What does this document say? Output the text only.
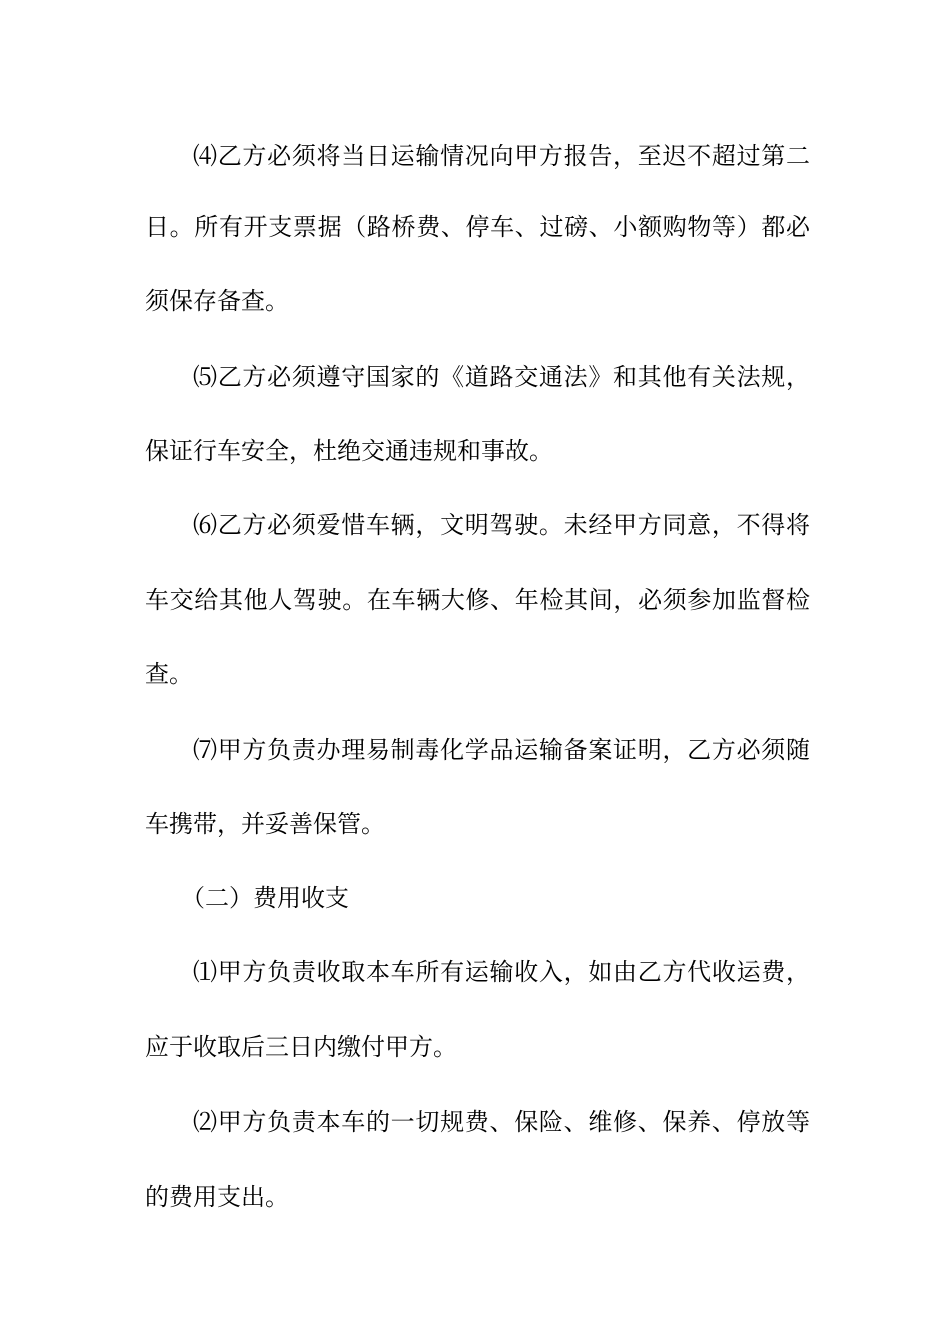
⑷乙方必须将当日运输情况向甲方报告，至迟不超过第二
日。所有开支票据（路桥费、停车、过磅、小额购物等）都必
须保存备查。
⑸乙方必须遵守国家的《道路交通法》和其他有关法规，
保证行车安全，杜绝交通违规和事故。
⑹乙方必须爱惜车辆，文明驾驶。未经甲方同意，不得将
车交给其他人驾驶。在车辆大修、年检其间，必须参加监督检
查。
⑺甲方负责办理易制毒化学品运输备案证明，乙方必须随
车携带，并妥善保管。
（二）费用收支
⑴甲方负责收取本车所有运输收入，如由乙方代收运费，
应于收取后三日内缴付甲方。
⑵甲方负责本车的一切规费、保险、维修、保养、停放等
的费用支出。
